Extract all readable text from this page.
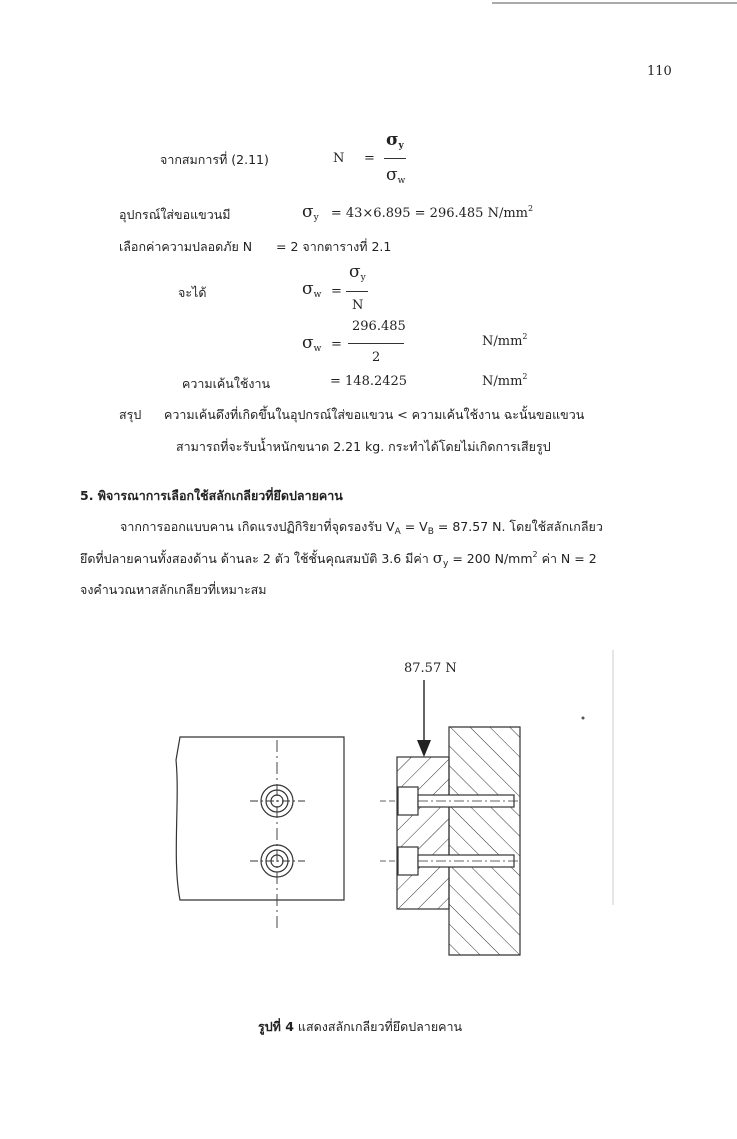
110
จากสมการที่ (2.11)	N =
σy
σw
อุปกรณ์ใส่ขอแขวนมี	$\sigma_y = 43\times 6.895 = 296.485$ $N/mm^2$
เลือกค่าความปลอดภัย N = 2 จากตารางที่ 2.1
จะได้	σw =
σy
N
σw =
296.485
2
$N/mm^2$
ความเค้นใช้งาน	= 148.2425	$N/mm^2$
สรุป ความเค้นดึงที่เกิดขึ้นในอุปกรณ์ใส่ขอแขวน < ความเค้นใช้งาน ฉะนั้นขอแขวน
สามารถที่จะรับน้ำหนักขนาด 2.21 kg. กระทำได้โดยไม่เกิดการเสียรูป
5. พิจารณาการเลือกใช้สลักเกลียวที่ยึดปลายคาน
จากการออกแบบคาน เกิดแรงปฏิกิริยาที่จุดรองรับ $V_A = V_B = 87.57$ N. โดยใช้สลักเกลียว
ยึดที่ปลายคานทั้งสองด้าน ด้านละ 2 ตัว ใช้ชั้นคุณสมบัติ 3.6 มีค่า $\sigma_y = 200$ $N/mm^2$ ค่า N = 2
จงคำนวณหาสลักเกลียวที่เหมาะสม
87.57 N
รูปที่ 4 แสดงสลักเกลียวที่ยึดปลายคาน
